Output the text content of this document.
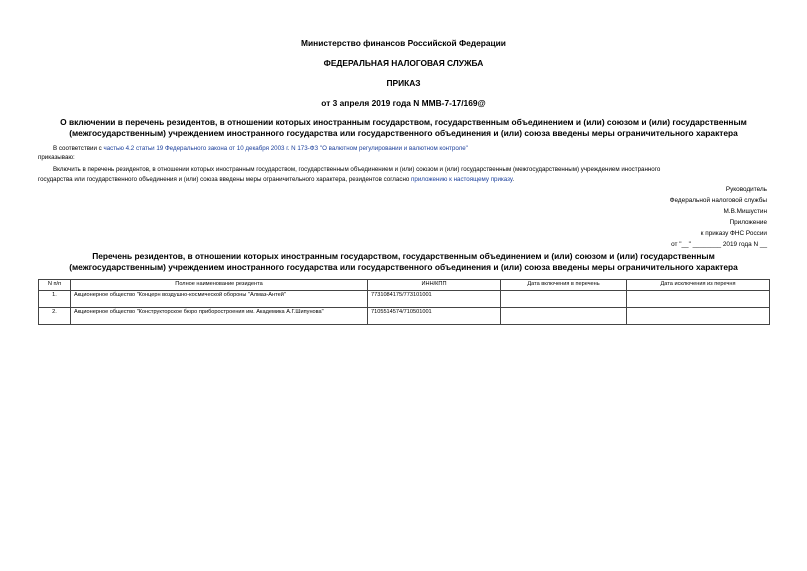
Министерство финансов Российской Федерации
ФЕДЕРАЛЬНАЯ НАЛОГОВАЯ СЛУЖБА
ПРИКАЗ
от 3 апреля 2019 года N ММВ-7-17/169@
О включении в перечень резидентов, в отношении которых иностранным государством, государственным объединением и (или) союзом и (или) государственным
(межгосударственным) учреждением иностранного государства или государственного объединения и (или) союза введены меры ограничительного характера
В соответствии с частью 4.2 статьи 19 Федерального закона от 10 декабря 2003 г. N 173-ФЗ "О валютном регулировании и валютном контроле"
приказываю:
Включить в перечень резидентов, в отношении которых иностранным государством, государственным объединением и (или) союзом и (или) государственным (межгосударственным) учреждением иностранного
государства или государственного объединения и (или) союза введены меры ограничительного характера, резидентов согласно приложению к настоящему приказу.
Руководитель
Федеральной налоговой службы
М.В.Мишустин
Приложение
к приказу ФНС России
от "__" ________ 2019 года N __
Перечень резидентов, в отношении которых иностранным государством, государственным объединением и (или) союзом и (или) государственным
(межгосударственным) учреждением иностранного государства или государственного объединения и (или) союза введены меры ограничительного характера
N п/п	Полное наименование резидента	ИНН/КПП	Дата включения в перечень	Дата исключения из перечня
1.	Акционерное общество "Концерн воздушно-космической обороны "Алмаз-Антей"	7731084175/773101001		
2.	Акционерное общество "Конструкторское бюро приборостроения им. Академика А.Г.Шипунова"	7105514574/710501001		
